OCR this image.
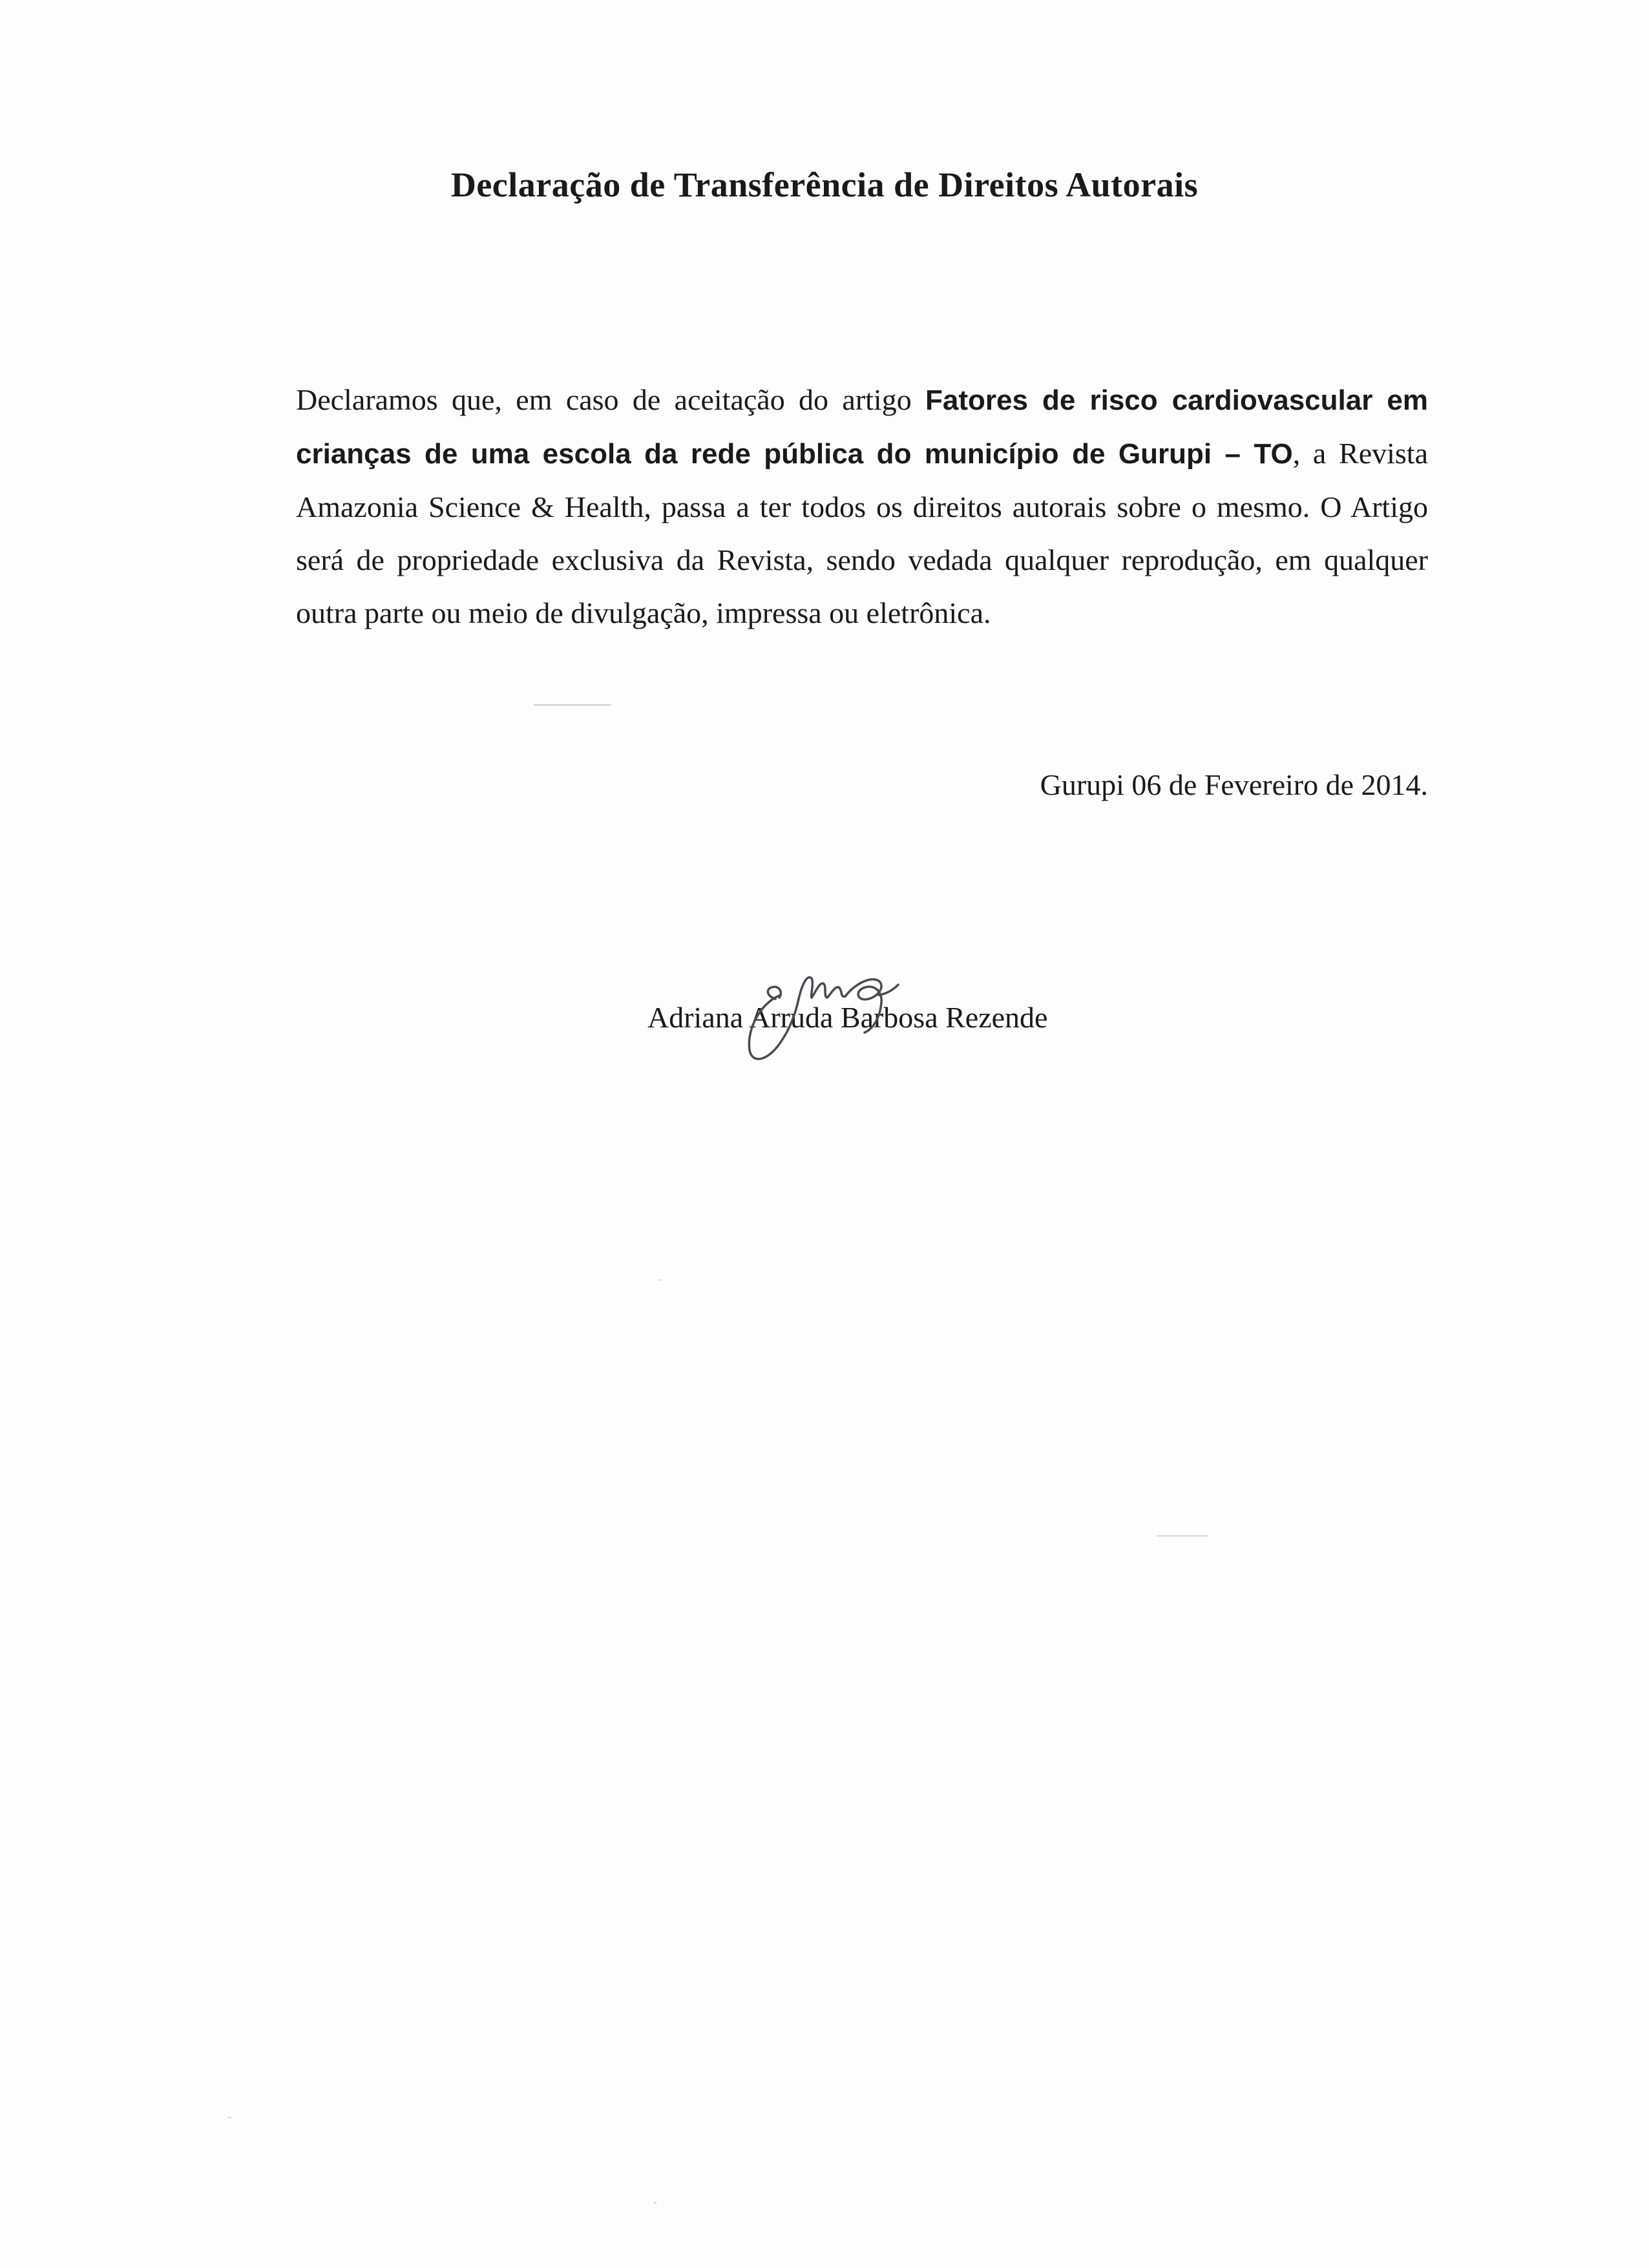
Declaração de Transferência de Direitos Autorais

Declaramos que, em caso de aceitação do artigo Fatores de risco cardiovascular em crianças de uma escola da rede pública do município de Gurupi – TO, a Revista Amazonia Science & Health, passa a ter todos os direitos autorais sobre o mesmo. O Artigo será de propriedade exclusiva da Revista, sendo vedada qualquer reprodução, em qualquer outra parte ou meio de divulgação, impressa ou eletrônica.

Gurupi 06 de Fevereiro de 2014.

Adriana Arruda Barbosa Rezende
